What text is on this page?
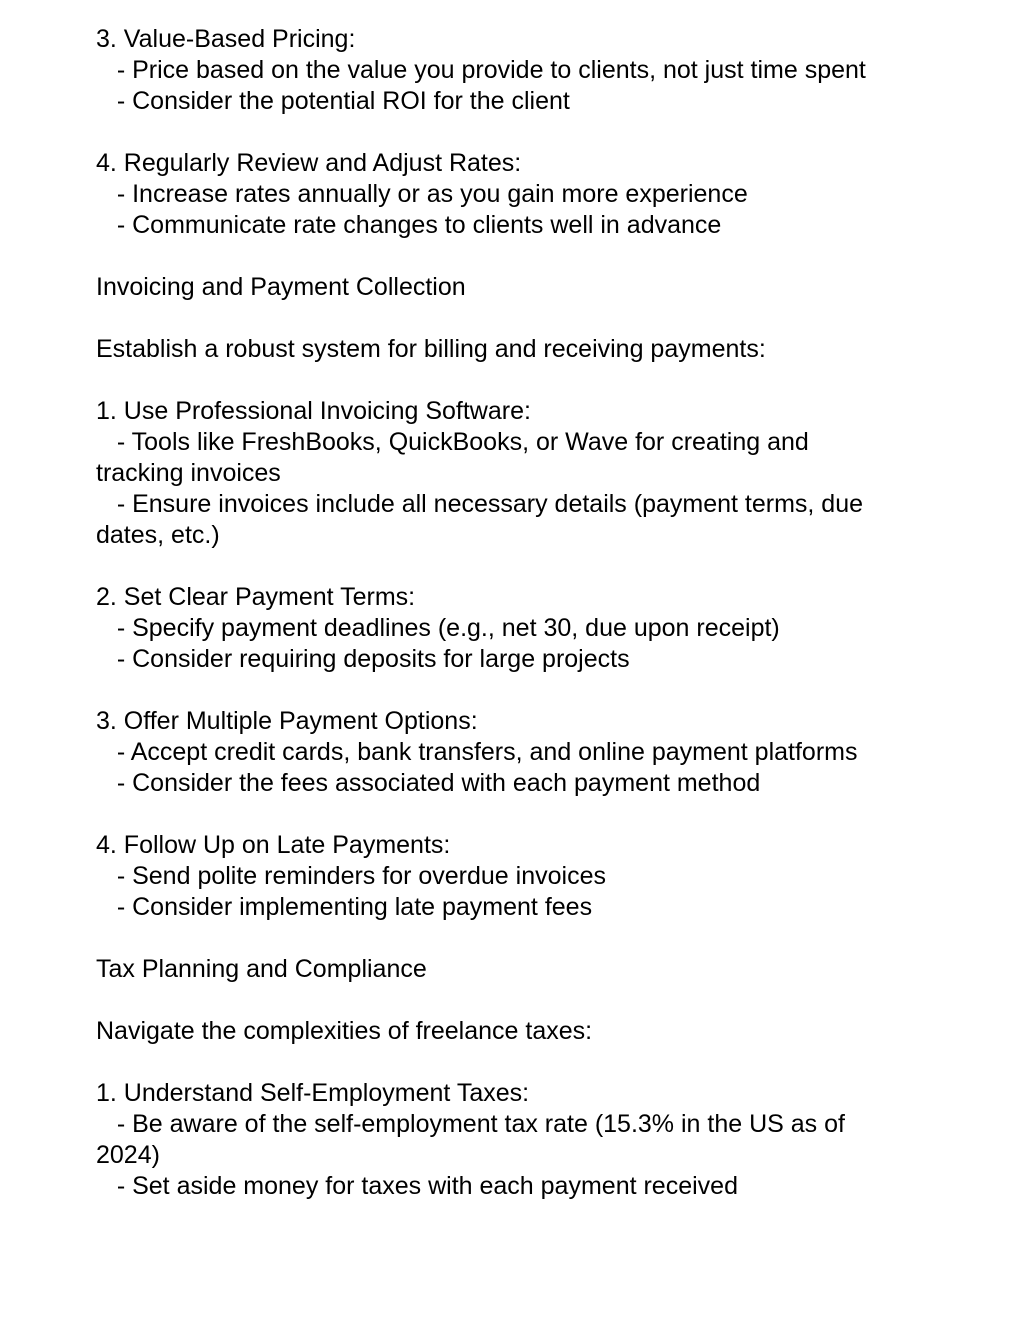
3. Value-Based Pricing:
- Price based on the value you provide to clients, not just time spent
- Consider the potential ROI for the client
4. Regularly Review and Adjust Rates:
- Increase rates annually or as you gain more experience
- Communicate rate changes to clients well in advance
Invoicing and Payment Collection
Establish a robust system for billing and receiving payments:
1. Use Professional Invoicing Software:
- Tools like FreshBooks, QuickBooks, or Wave for creating and
tracking invoices
- Ensure invoices include all necessary details (payment terms, due
dates, etc.)
2. Set Clear Payment Terms:
- Specify payment deadlines (e.g., net 30, due upon receipt)
- Consider requiring deposits for large projects
3. Offer Multiple Payment Options:
- Accept credit cards, bank transfers, and online payment platforms
- Consider the fees associated with each payment method
4. Follow Up on Late Payments:
- Send polite reminders for overdue invoices
- Consider implementing late payment fees
Tax Planning and Compliance
Navigate the complexities of freelance taxes:
1. Understand Self-Employment Taxes:
- Be aware of the self-employment tax rate (15.3% in the US as of
2024)
- Set aside money for taxes with each payment received
